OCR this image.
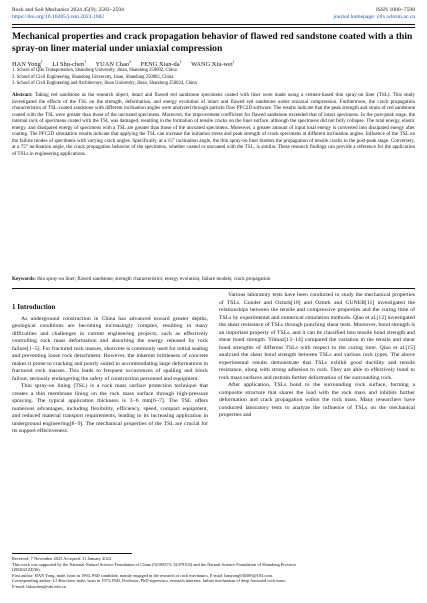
Rock and Soil Mechanics 2024 45(9): 2583−2594
https://doi.org/10.16285/j.rsm.2023.1682
ISSN 1000−7598
journal homepage: ytlx.whrsm.ac.cn
Mechanical properties and crack propagation behavior of flawed red sandstone coated with a thin spray-on liner material under uniaxial compression
HAN Yong$^1$ LI Shu-chen$^1$ YUAN Chao$^2$ FENG Xian-$da^1$ WANG Xiu-wei$^1$
1. School of Qilu Transportation, Shandong University, Jinan, Shandong 250002, China
2. School of Civil Engineering, Shandong University, Jinan, Shandong 250002, China
3. School of Civil Engineering and Architecture, Jinan University, Jinan, Shandong 250024, China
Abstract: Taking red sandstone as the research object, intact and flawed red sandstone specimens coated with liner were made using a cement-based thin spray-on liner (TSL). This study investigated the effects of the TSL on the strength, deformation, and energy evolution of intact and flawed red sandstone under uniaxial compression. Furthermore, the crack propagation characteristics of TSL-coated sandstone with different inclination angles were analyzed through particle flow PFC2D software. The results indicate that the peak strength and strain of red sandstone coated with the TSL were greater than those of the uncoated specimens. Moreover, the improvement coefficient for flawed sandstone exceeded that of intact specimens. In the post-peak stage, the internal rock of specimens coated with the TSL was damaged, resulting in the formation of tensile cracks on the liner surface, although the specimens did not fully collapse. The total energy, elastic energy, and dissipated energy of specimens with a TSL are greater than those of the uncoated specimens. Moreover, a greater amount of input total energy is converted into dissipated energy after coating. The PFC2D simulation results indicate that applying the TSL can increase the initiation stress and peak strength of crack specimens at different inclination angles. Influence of the TSL on the failure modes of specimens with varying crack angles. Specifically, at a 15° inclination angle, the thin spray-on liner hinders the propagation of tensile cracks in the post-peak stage. Conversely, at a 75° inclination angle, the crack propagation behavior of the specimens, whether coated or uncoated with the TSL, is similar. These research findings can provide a reference for the application of TSLs in engineering applications.
Keywords: thin spray-on liner; flawed sandstone; strength characteristics; energy evolution; failure models; crack propagation
1 Introduction

As underground construction in China has advanced toward greater depths, geological conditions are becoming increasingly complex, resulting in many difficulties and challenges in current engineering projects, such as effectively controlling rock mass deformation and absorbing the energy released by rock failure[1−5]. For fractured rock masses, shotcrete is commonly used for initial sealing and preventing loose rock detachment. However, the inherent brittleness of concrete makes it prone to cracking and poorly suited to accommodating large deformations in fractured rock masses. This leads to frequent occurrences of spalling and block fallout, seriously endangering the safety of construction personnel and equipment.

Thin spray-on lining (TSL) is a rock mass surface protection technique that creates a thin membrane lining on the rock mass surface through high-pressure spraying. The typical application thickness is 3−6 mm[6−7]. The TSL offers numerous advantages, including flexibility, efficiency, speed, compact equipment, and reduced material transport requirements, leading to its increasing application in underground engineering[8−9]. The mechanical properties of the TSL are crucial for its support effectiveness.

Various laboratory tests have been conducted to study the mechanical properties of TSLs. Gunder and Ozturk[10] and Ozturk and GUNER[11] investigated the relationships between the tensile and compressive properties and the curing time of TSLs by experimental and numerical simulation methods. Qiao et al.[12] investigated the shear resistance of TSLs through punching shear tests. Moreover, bond strength is an important property of TSLs, and it can be classified into tensile bond strength and shear bond strength. Yilmaz[13−14] compared the variation in the tensile and shear bond strengths of different TSLs with respect to the curing time. Qiao et al.[15] analyzed the shear bond strength between TSLs and various rock types. The above experimental results demonstrate that TSLs exhibit good ductility and tensile resistance, along with strong adhesion to rock. They are able to effectively bond to rock mass surfaces and restrain further deformation of the surrounding rock.

After application, TSLs bond to the surrounding rock surface, forming a composite structure that shares the load with the rock mass and inhibits further deformation and crack propagation within the rock mass. Many researchers have conducted laboratory tests to analyze the influence of TSLs on the mechanical properties and

Received: 7 November 2023 Accepted: 11 January 2024
This work was supported by the National Natural Science Foundation of China (52108373, 52379102) and the Natural Science Foundation of Shandong Province
(ZR2021ZD36).
First author: HAN Yong, male, born in 1994, PhD candidate, mainly engaged in the research of rock mechanics. E-mail: hanyong930306@163.com.
Corresponding author: LI Shu-chen, male, born in 1973, PhD, Professor, PhD supervisor, research interests: failure mechanism of deep fractured rock mass.
E-mail: lishuchen@sdu.edu.cn
